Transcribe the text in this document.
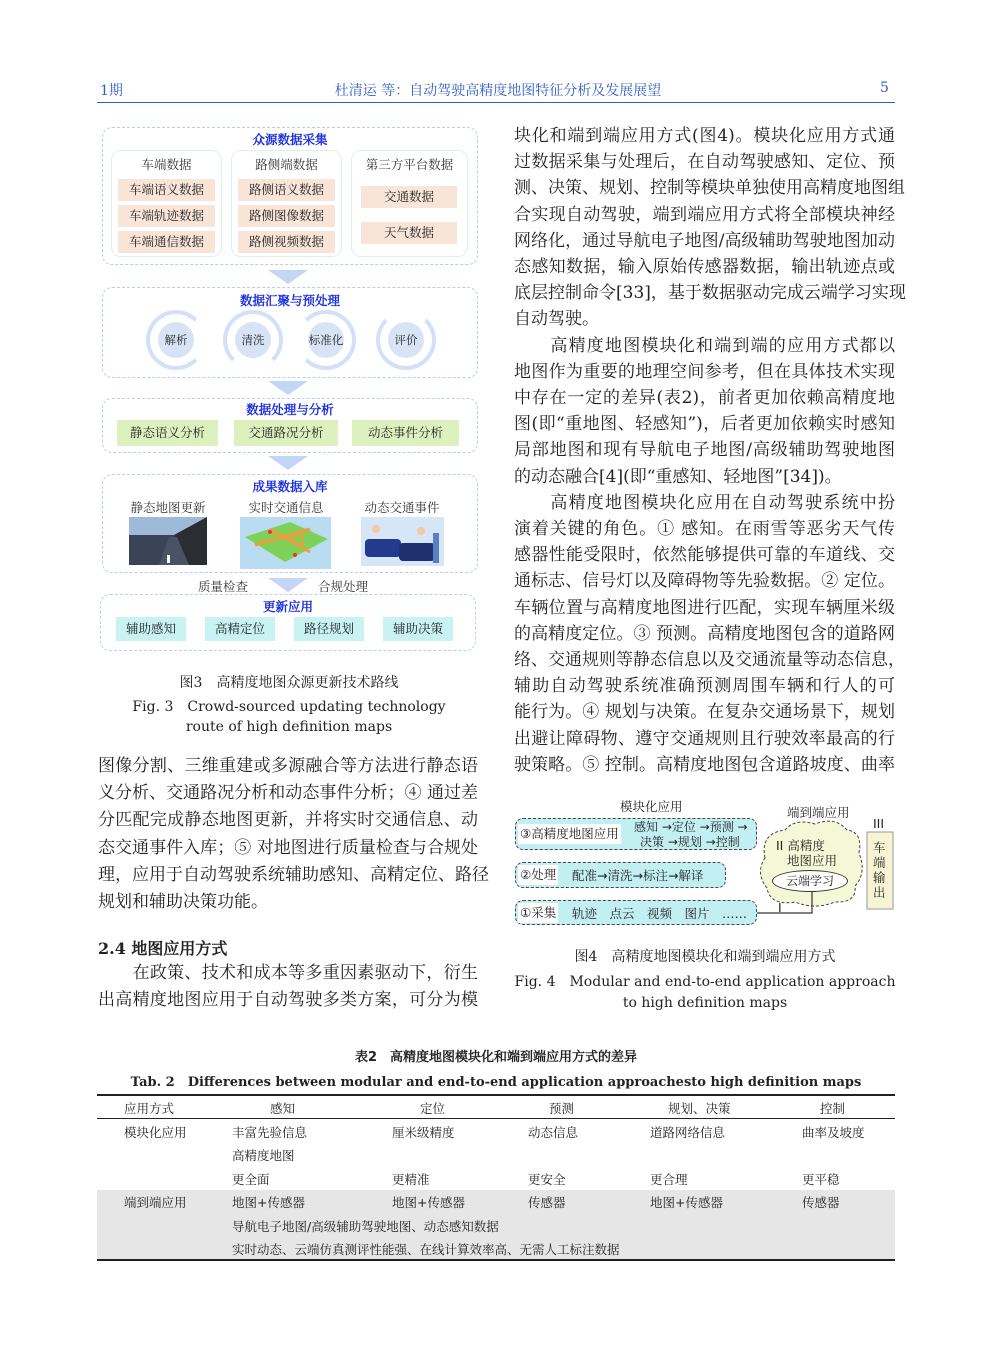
1期	杜清运 等：自动驾驶高精度地图特征分析及发展展望	5
众源数据采集
车端数据	路侧端数据	第三方平台数据
车端语义数据
车端轨迹数据
车端通信数据
路侧语义数据
路侧图像数据
路侧视频数据
交通数据
天气数据
数据汇聚与预处理
解析	清洗	标准化	评价
数据处理与分析
静态语义分析	交通路况分析	动态事件分析
成果数据入库
静态地图更新	实时交通信息	动态交通事件
质量检查	合规处理
更新应用
辅助感知	高精定位	路径规划	辅助决策
图3　高精度地图众源更新技术路线
Fig. 3　Crowd-sourced updating technology
route of high definition maps
图像分割、三维重建或多源融合等方法进行静态语
义分析、交通路况分析和动态事件分析；④ 通过差
分匹配完成静态地图更新，并将实时交通信息、动
态交通事件入库；⑤ 对地图进行质量检查与合规处
理，应用于自动驾驶系统辅助感知、高精定位、路径
规划和辅助决策功能。
2.4 地图应用方式
　　在政策、技术和成本等多重因素驱动下，衍生
出高精度地图应用于自动驾驶多类方案，可分为模
块化和端到端应用方式(图4)。模块化应用方式通
过数据采集与处理后，在自动驾驶感知、定位、预
测、决策、规划、控制等模块单独使用高精度地图组
合实现自动驾驶，端到端应用方式将全部模块神经
网络化，通过导航电子地图/高级辅助驾驶地图加动
态感知数据，输入原始传感器数据，输出轨迹点或
底层控制命令[33]，基于数据驱动完成云端学习实现
自动驾驶。
　　高精度地图模块化和端到端的应用方式都以
地图作为重要的地理空间参考，但在具体技术实现
中存在一定的差异(表2)，前者更加依赖高精度地
图(即“重地图、轻感知”)，后者更加依赖实时感知
局部地图和现有导航电子地图/高级辅助驾驶地图
的动态融合[4](即“重感知、轻地图”[34])。
　　高精度地图模块化应用在自动驾驶系统中扮
演着关键的角色。① 感知。在雨雪等恶劣天气传
感器性能受限时，依然能够提供可靠的车道线、交
通标志、信号灯以及障碍物等先验数据。② 定位。
车辆位置与高精度地图进行匹配，实现车辆厘米级
的高精度定位。③ 预测。高精度地图包含的道路网
络、交通规则等静态信息以及交通流量等动态信息，
辅助自动驾驶系统准确预测周围车辆和行人的可
能行为。④ 规划与决策。在复杂交通场景下，规划
出避让障碍物、遵守交通规则且行驶效率最高的行
驶策略。⑤ 控制。高精度地图包含道路坡度、曲率
模块化应用	端到端应用
③高精度地图应用 感知 →定位 →预测 →
决策 →规划 →控制
②处理 配准→清洗→标注→解译
①采集 轨迹　点云　视频　图片　……
II 高精度
地图应用
云端学习
I
III
车端输出
图4　高精度地图模块化和端到端应用方式
Fig. 4　Modular and end-to-end application approach
to high definition maps
表2　高精度地图模块化和端到端应用方式的差异
Tab. 2　Differences between modular and end-to-end application approachesto high definition maps
应用方式	感知	定位	预测	规划、决策	控制
模块化应用	丰富先验信息	厘米级精度	动态信息	道路网络信息	曲率及坡度
高精度地图
更全面	更精准	更安全	更合理	更平稳
端到端应用	地图+传感器	地图+传感器	传感器	地图+传感器	传感器
导航电子地图/高级辅助驾驶地图、动态感知数据
实时动态、云端仿真测评性能强、在线计算效率高、无需人工标注数据
